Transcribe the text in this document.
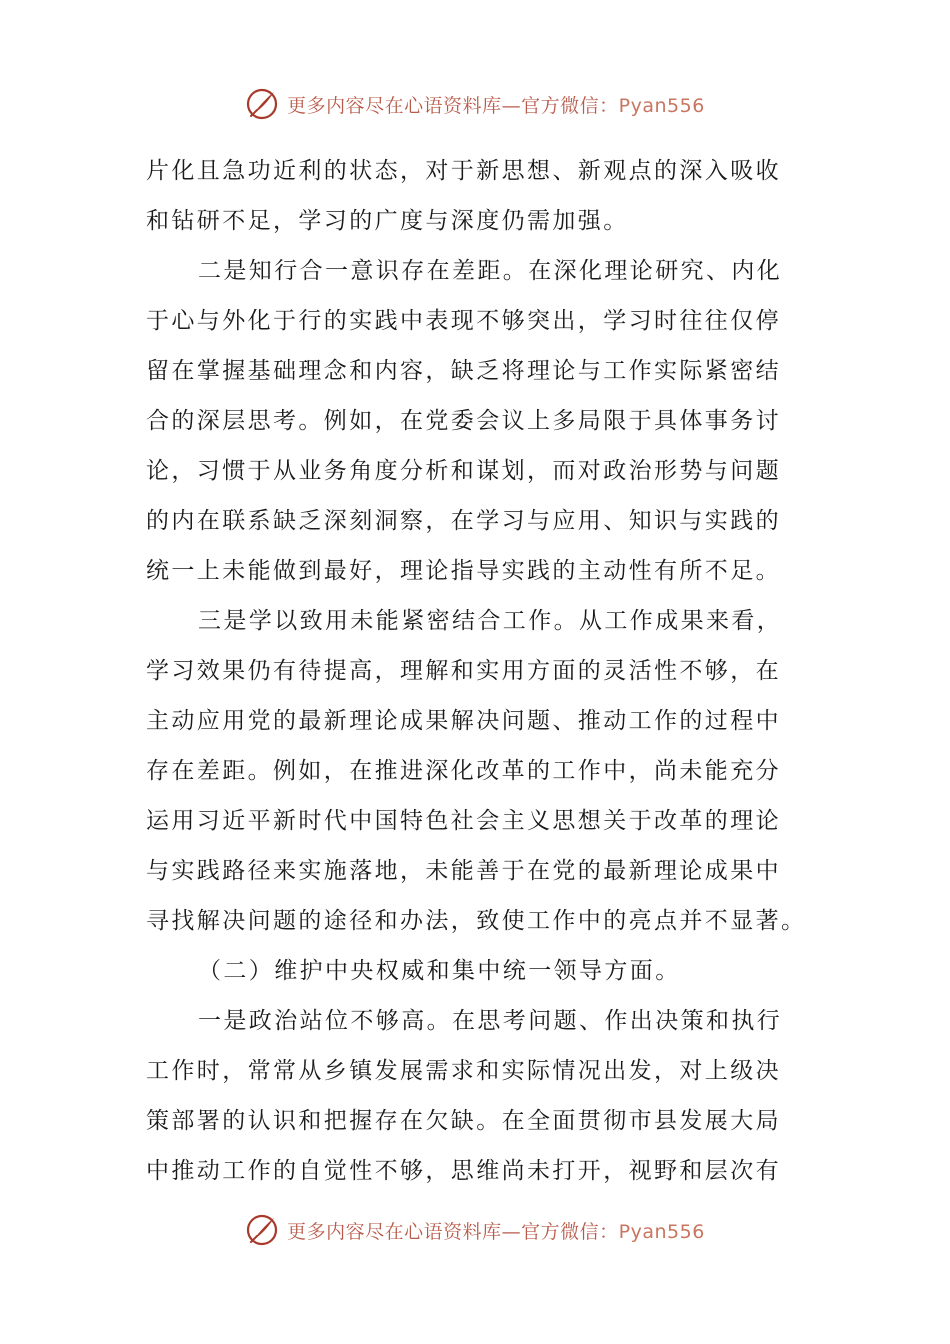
更多内容尽在心语资料库—官方微信：Pyan556
片化且急功近利的状态，对于新思想、新观点的深入吸收
和钻研不足，学习的广度与深度仍需加强。
二是知行合一意识存在差距。在深化理论研究、内化
于心与外化于行的实践中表现不够突出，学习时往往仅停
留在掌握基础理念和内容，缺乏将理论与工作实际紧密结
合的深层思考。例如，在党委会议上多局限于具体事务讨
论，习惯于从业务角度分析和谋划，而对政治形势与问题
的内在联系缺乏深刻洞察，在学习与应用、知识与实践的
统一上未能做到最好，理论指导实践的主动性有所不足。
三是学以致用未能紧密结合工作。从工作成果来看，
学习效果仍有待提高，理解和实用方面的灵活性不够，在
主动应用党的最新理论成果解决问题、推动工作的过程中
存在差距。例如，在推进深化改革的工作中，尚未能充分
运用习近平新时代中国特色社会主义思想关于改革的理论
与实践路径来实施落地，未能善于在党的最新理论成果中
寻找解决问题的途径和办法，致使工作中的亮点并不显著。
（二）维护中央权威和集中统一领导方面。
一是政治站位不够高。在思考问题、作出决策和执行
工作时，常常从乡镇发展需求和实际情况出发，对上级决
策部署的认识和把握存在欠缺。在全面贯彻市县发展大局
中推动工作的自觉性不够，思维尚未打开，视野和层次有
更多内容尽在心语资料库—官方微信：Pyan556
